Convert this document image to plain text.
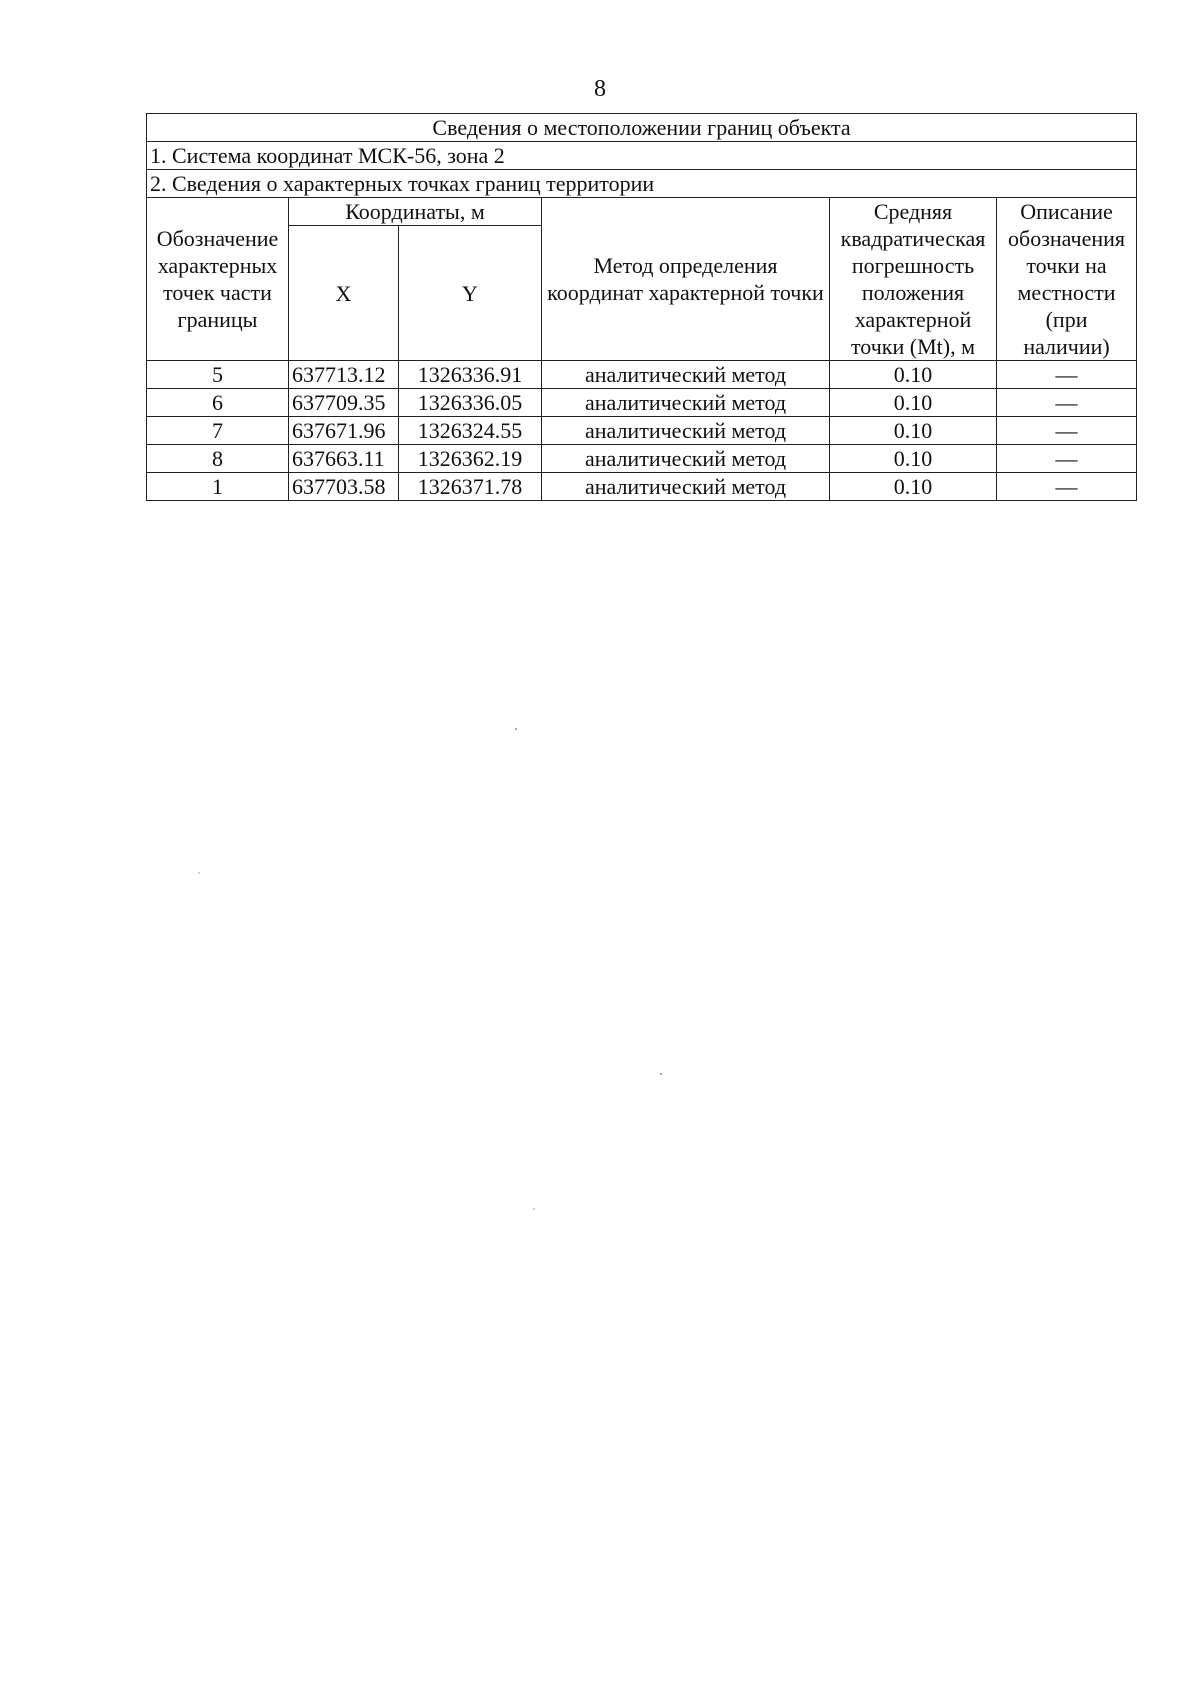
8
Сведения о местоположении границ объекта					
1. Система координат МСК-56, зона 2					
2. Сведения о характерных точках границ территории					
Обозначение характерных точек части границы	Координаты, м		Метод определения координат характерной точки	Средняя квадратическая погрешность положения характерной точки (Mt), м	Описание обозначения точки на местности (при наличии)
	X	Y			
5	637713.12	1326336.91	аналитический метод	0.10	—
6	637709.35	1326336.05	аналитический метод	0.10	—
7	637671.96	1326324.55	аналитический метод	0.10	—
8	637663.11	1326362.19	аналитический метод	0.10	—
1	637703.58	1326371.78	аналитический метод	0.10	—
